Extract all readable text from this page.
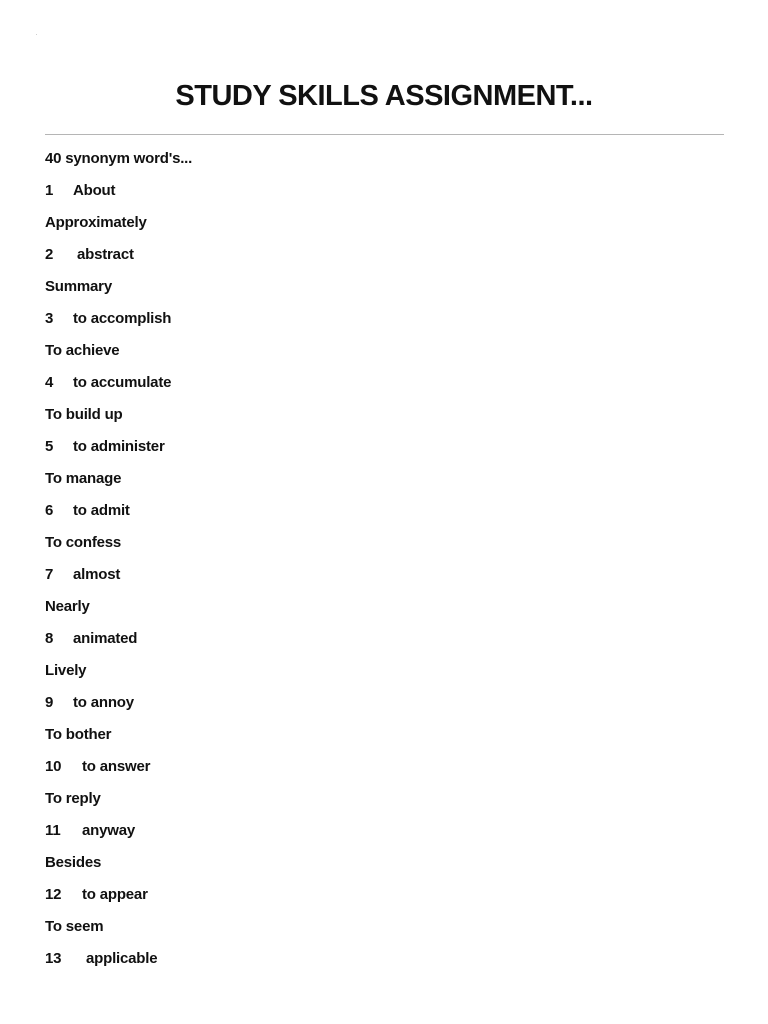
STUDY SKILLS ASSIGNMENT...
40 synonym word's...
1 About
Approximately
2 abstract
Summary
3 to accomplish
To achieve
4 to accumulate
To build up
5 to administer
To manage
6 to admit
To confess
7 almost
Nearly
8 animated
Lively
9 to annoy
To bother
10 to answer
To reply
11 anyway
Besides
12 to appear
To seem
13 applicable
